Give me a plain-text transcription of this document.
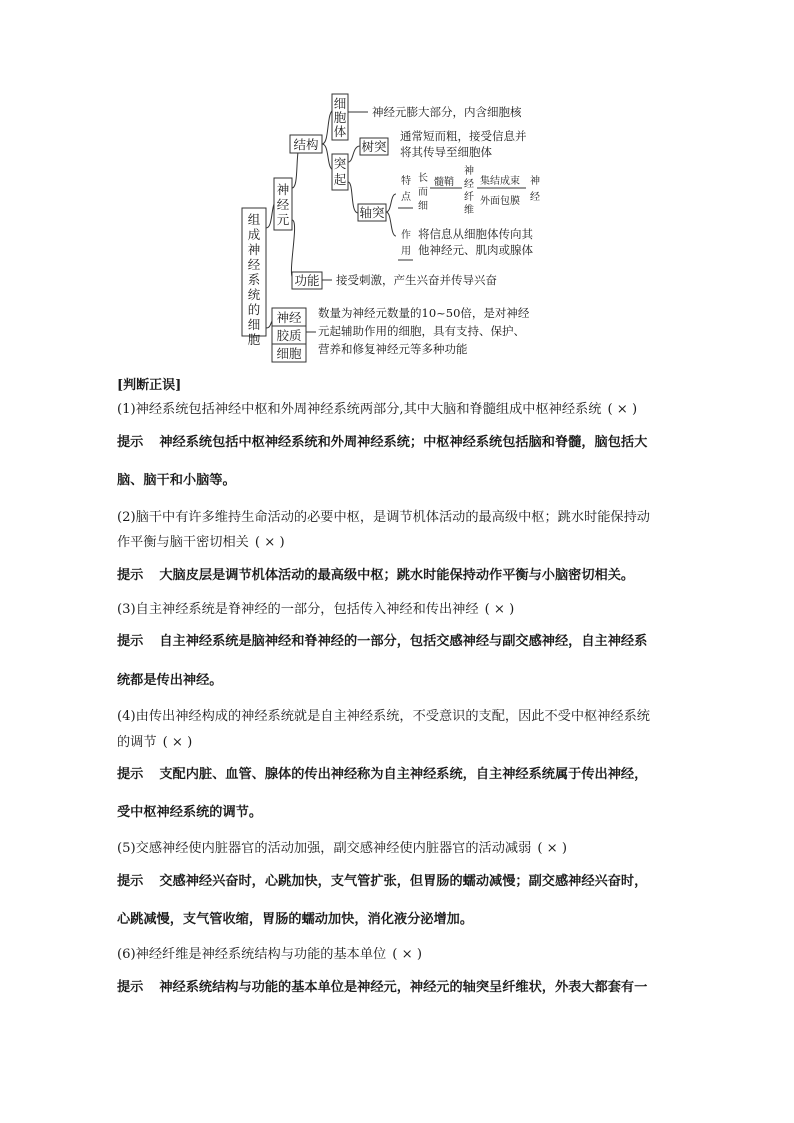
组
成
神
经
系
统
的
细
胞
神
经
元
结构
细
胞
体
神经元膨大部分，内含细胞核
突
起
树突
通常短而粗，接受信息并
将其传导至细胞体
轴突
特
点
长
而
细
髓鞘
神
经
纤
维
集结成束
外面包膜
神
经
作
用
将信息从细胞体传向其
他神经元、肌肉或腺体
功能 接受刺激，产生兴奋并传导兴奋
神经
胶质
细胞
数量为神经元数量的10~50倍，是对神经
元起辅助作用的细胞，具有支持、保护、
营养和修复神经元等多种功能
[判断正误]
(1)神经系统包括神经中枢和外周神经系统两部分,其中大脑和脊髓组成中枢神经系统 ( × )
提示 神经系统包括中枢神经系统和外周神经系统；中枢神经系统包括脑和脊髓，脑包括大
脑、脑干和小脑等。
(2)脑干中有许多维持生命活动的必要中枢，是调节机体活动的最高级中枢；跳水时能保持动
作平衡与脑干密切相关 ( × )
提示 大脑皮层是调节机体活动的最高级中枢；跳水时能保持动作平衡与小脑密切相关。
(3)自主神经系统是脊神经的一部分，包括传入神经和传出神经 ( × )
提示 自主神经系统是脑神经和脊神经的一部分，包括交感神经与副交感神经，自主神经系
统都是传出神经。
(4)由传出神经构成的神经系统就是自主神经系统，不受意识的支配，因此不受中枢神经系统
的调节 ( × )
提示 支配内脏、血管、腺体的传出神经称为自主神经系统，自主神经系统属于传出神经，
受中枢神经系统的调节。
(5)交感神经使内脏器官的活动加强，副交感神经使内脏器官的活动减弱 ( × )
提示 交感神经兴奋时，心跳加快，支气管扩张，但胃肠的蠕动减慢；副交感神经兴奋时，
心跳减慢，支气管收缩，胃肠的蠕动加快，消化液分泌增加。
(6)神经纤维是神经系统结构与功能的基本单位 ( × )
提示 神经系统结构与功能的基本单位是神经元，神经元的轴突呈纤维状，外表大都套有一
